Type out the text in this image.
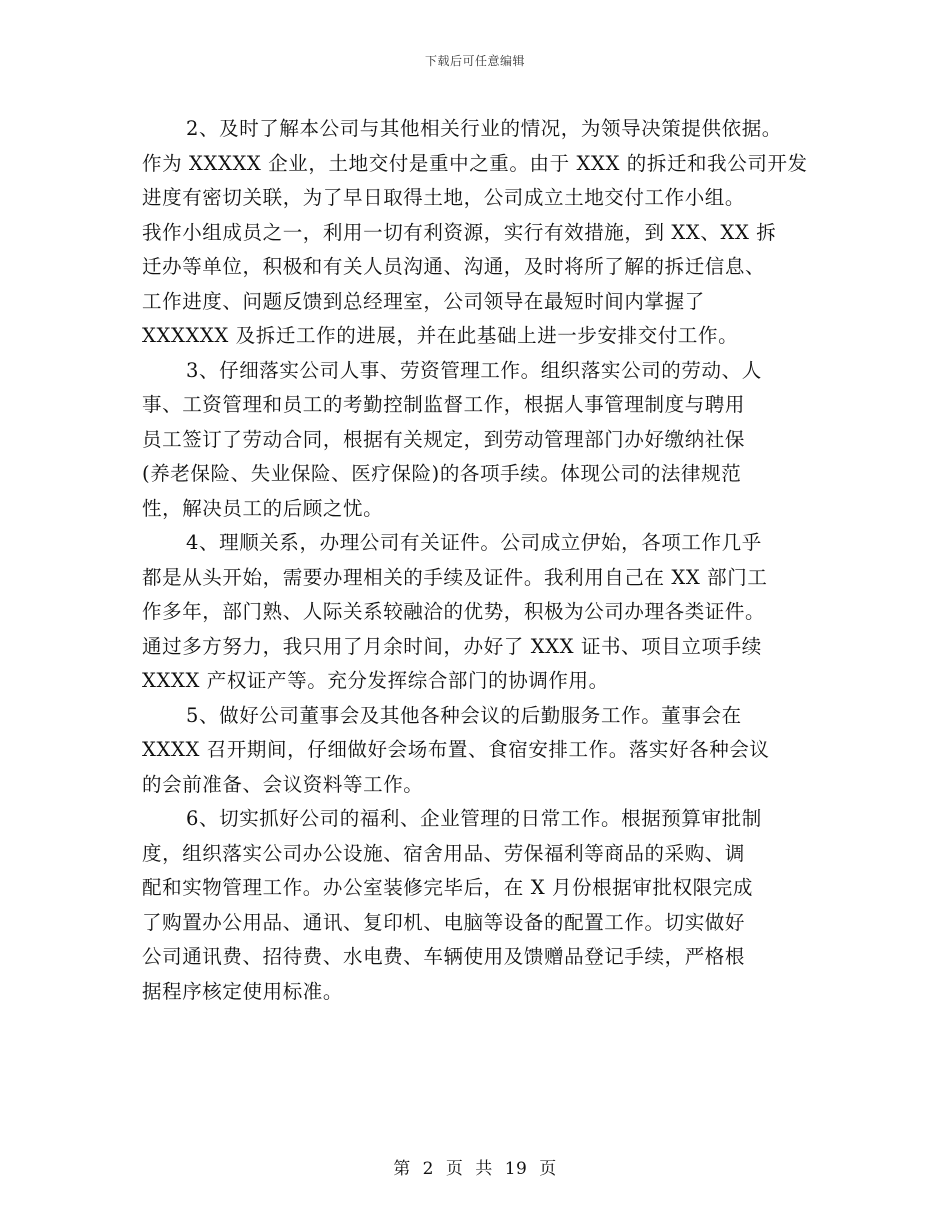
下载后可任意编辑
2、及时了解本公司与其他相关行业的情况，为领导决策提供依据。
作为 XXXXX 企业，土地交付是重中之重。由于 XXX 的拆迁和我公司开发
进度有密切关联，为了早日取得土地，公司成立土地交付工作小组。
我作小组成员之一，利用一切有利资源，实行有效措施，到 XX、XX 拆
迁办等单位，积极和有关人员沟通、沟通，及时将所了解的拆迁信息、
工作进度、问题反馈到总经理室，公司领导在最短时间内掌握了
XXXXXX 及拆迁工作的进展，并在此基础上进一步安排交付工作。
3、仔细落实公司人事、劳资管理工作。组织落实公司的劳动、人
事、工资管理和员工的考勤控制监督工作，根据人事管理制度与聘用
员工签订了劳动合同，根据有关规定，到劳动管理部门办好缴纳社保
(养老保险、失业保险、医疗保险)的各项手续。体现公司的法律规范
性，解决员工的后顾之忧。
4、理顺关系，办理公司有关证件。公司成立伊始，各项工作几乎
都是从头开始，需要办理相关的手续及证件。我利用自己在 XX 部门工
作多年，部门熟、人际关系较融洽的优势，积极为公司办理各类证件。
通过多方努力，我只用了月余时间，办好了 XXX 证书、项目立项手续
XXXX 产权证产等。充分发挥综合部门的协调作用。
5、做好公司董事会及其他各种会议的后勤服务工作。董事会在
XXXX 召开期间，仔细做好会场布置、食宿安排工作。落实好各种会议
的会前准备、会议资料等工作。
6、切实抓好公司的福利、企业管理的日常工作。根据预算审批制
度，组织落实公司办公设施、宿舍用品、劳保福利等商品的采购、调
配和实物管理工作。办公室装修完毕后，在 X 月份根据审批权限完成
了购置办公用品、通讯、复印机、电脑等设备的配置工作。切实做好
公司通讯费、招待费、水电费、车辆使用及馈赠品登记手续，严格根
据程序核定使用标准。
第 2 页 共 19 页
